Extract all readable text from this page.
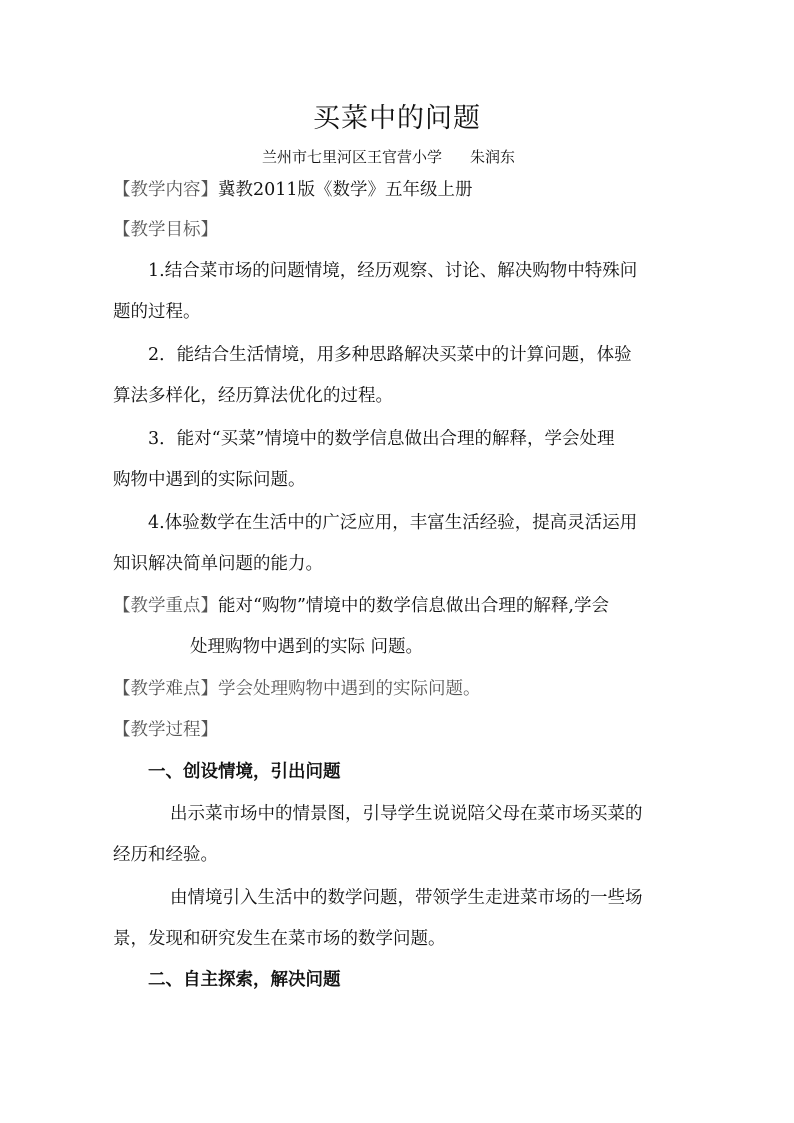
买菜中的问题
兰州市七里河区王官营小学 朱润东
【教学内容】冀教2011版《数学》五年级上册
【教学目标】
1.结合菜市场的问题情境，经历观察、讨论、解决购物中特殊问
题的过程。
2．能结合生活情境，用多种思路解决买菜中的计算问题，体验
算法多样化，经历算法优化的过程。
3．能对“买菜”情境中的数学信息做出合理的解释，学会处理
购物中遇到的实际问题。
4.体验数学在生活中的广泛应用，丰富生活经验，提高灵活运用
知识解决简单问题的能力。
【教学重点】能对“购物”情境中的数学信息做出合理的解释,学会
处理购物中遇到的实际 问题。
【教学难点】学会处理购物中遇到的实际问题。
【教学过程】
一、创设情境，引出问题
出示菜市场中的情景图，引导学生说说陪父母在菜市场买菜的
经历和经验。
由情境引入生活中的数学问题，带领学生走进菜市场的一些场
景，发现和研究发生在菜市场的数学问题。
二、自主探索，解决问题
